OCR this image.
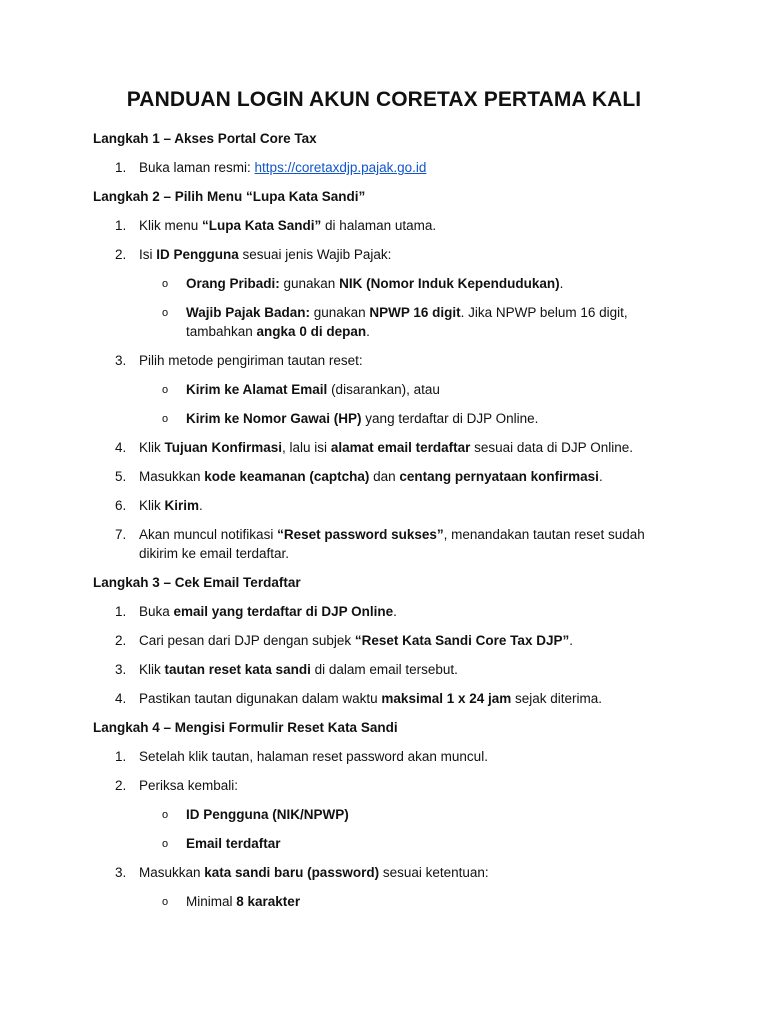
PANDUAN LOGIN AKUN CORETAX PERTAMA KALI
Langkah 1 – Akses Portal Core Tax
1. Buka laman resmi: https://coretaxdjp.pajak.go.id
Langkah 2 – Pilih Menu “Lupa Kata Sandi”
1. Klik menu “Lupa Kata Sandi” di halaman utama.
2. Isi ID Pengguna sesuai jenis Wajib Pajak:
o Orang Pribadi: gunakan NIK (Nomor Induk Kependudukan).
o Wajib Pajak Badan: gunakan NPWP 16 digit. Jika NPWP belum 16 digit,
tambahkan angka 0 di depan.
3. Pilih metode pengiriman tautan reset:
o Kirim ke Alamat Email (disarankan), atau
o Kirim ke Nomor Gawai (HP) yang terdaftar di DJP Online.
4. Klik Tujuan Konfirmasi, lalu isi alamat email terdaftar sesuai data di DJP Online.
5. Masukkan kode keamanan (captcha) dan centang pernyataan konfirmasi.
6. Klik Kirim.
7. Akan muncul notifikasi “Reset password sukses”, menandakan tautan reset sudah
dikirim ke email terdaftar.
Langkah 3 – Cek Email Terdaftar
1. Buka email yang terdaftar di DJP Online.
2. Cari pesan dari DJP dengan subjek “Reset Kata Sandi Core Tax DJP”.
3. Klik tautan reset kata sandi di dalam email tersebut.
4. Pastikan tautan digunakan dalam waktu maksimal 1 x 24 jam sejak diterima.
Langkah 4 – Mengisi Formulir Reset Kata Sandi
1. Setelah klik tautan, halaman reset password akan muncul.
2. Periksa kembali:
o ID Pengguna (NIK/NPWP)
o Email terdaftar
3. Masukkan kata sandi baru (password) sesuai ketentuan:
o Minimal 8 karakter
